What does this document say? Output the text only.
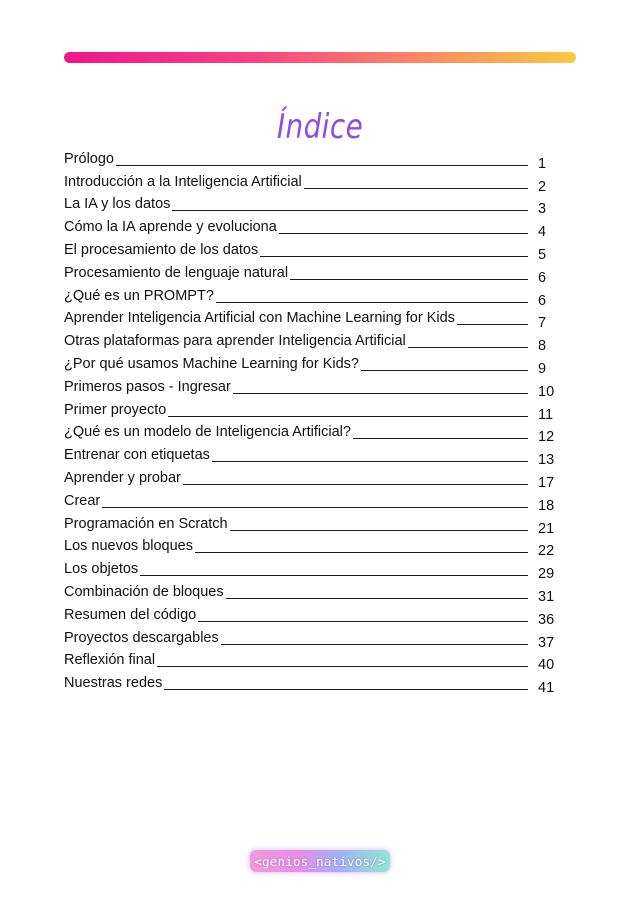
Índice
Prólogo	1
Introducción a la Inteligencia Artificial	2
La IA y los datos	3
Cómo la IA aprende y evoluciona	4
El procesamiento de los datos	5
Procesamiento de lenguaje natural	6
¿Qué es un PROMPT?	6
Aprender Inteligencia Artificial con Machine Learning for Kids	7
Otras plataformas para aprender Inteligencia Artificial	8
¿Por qué usamos Machine Learning for Kids?	9
Primeros pasos - Ingresar	10
Primer proyecto	11
¿Qué es un modelo de Inteligencia Artificial?	12
Entrenar con etiquetas	13
Aprender y probar	17
Crear	18
Programación en Scratch	21
Los nuevos bloques	22
Los objetos	29
Combinación de bloques	31
Resumen del código	36
Proyectos descargables	37
Reflexión final	40
Nuestras redes	41
<genios_nativos/>
